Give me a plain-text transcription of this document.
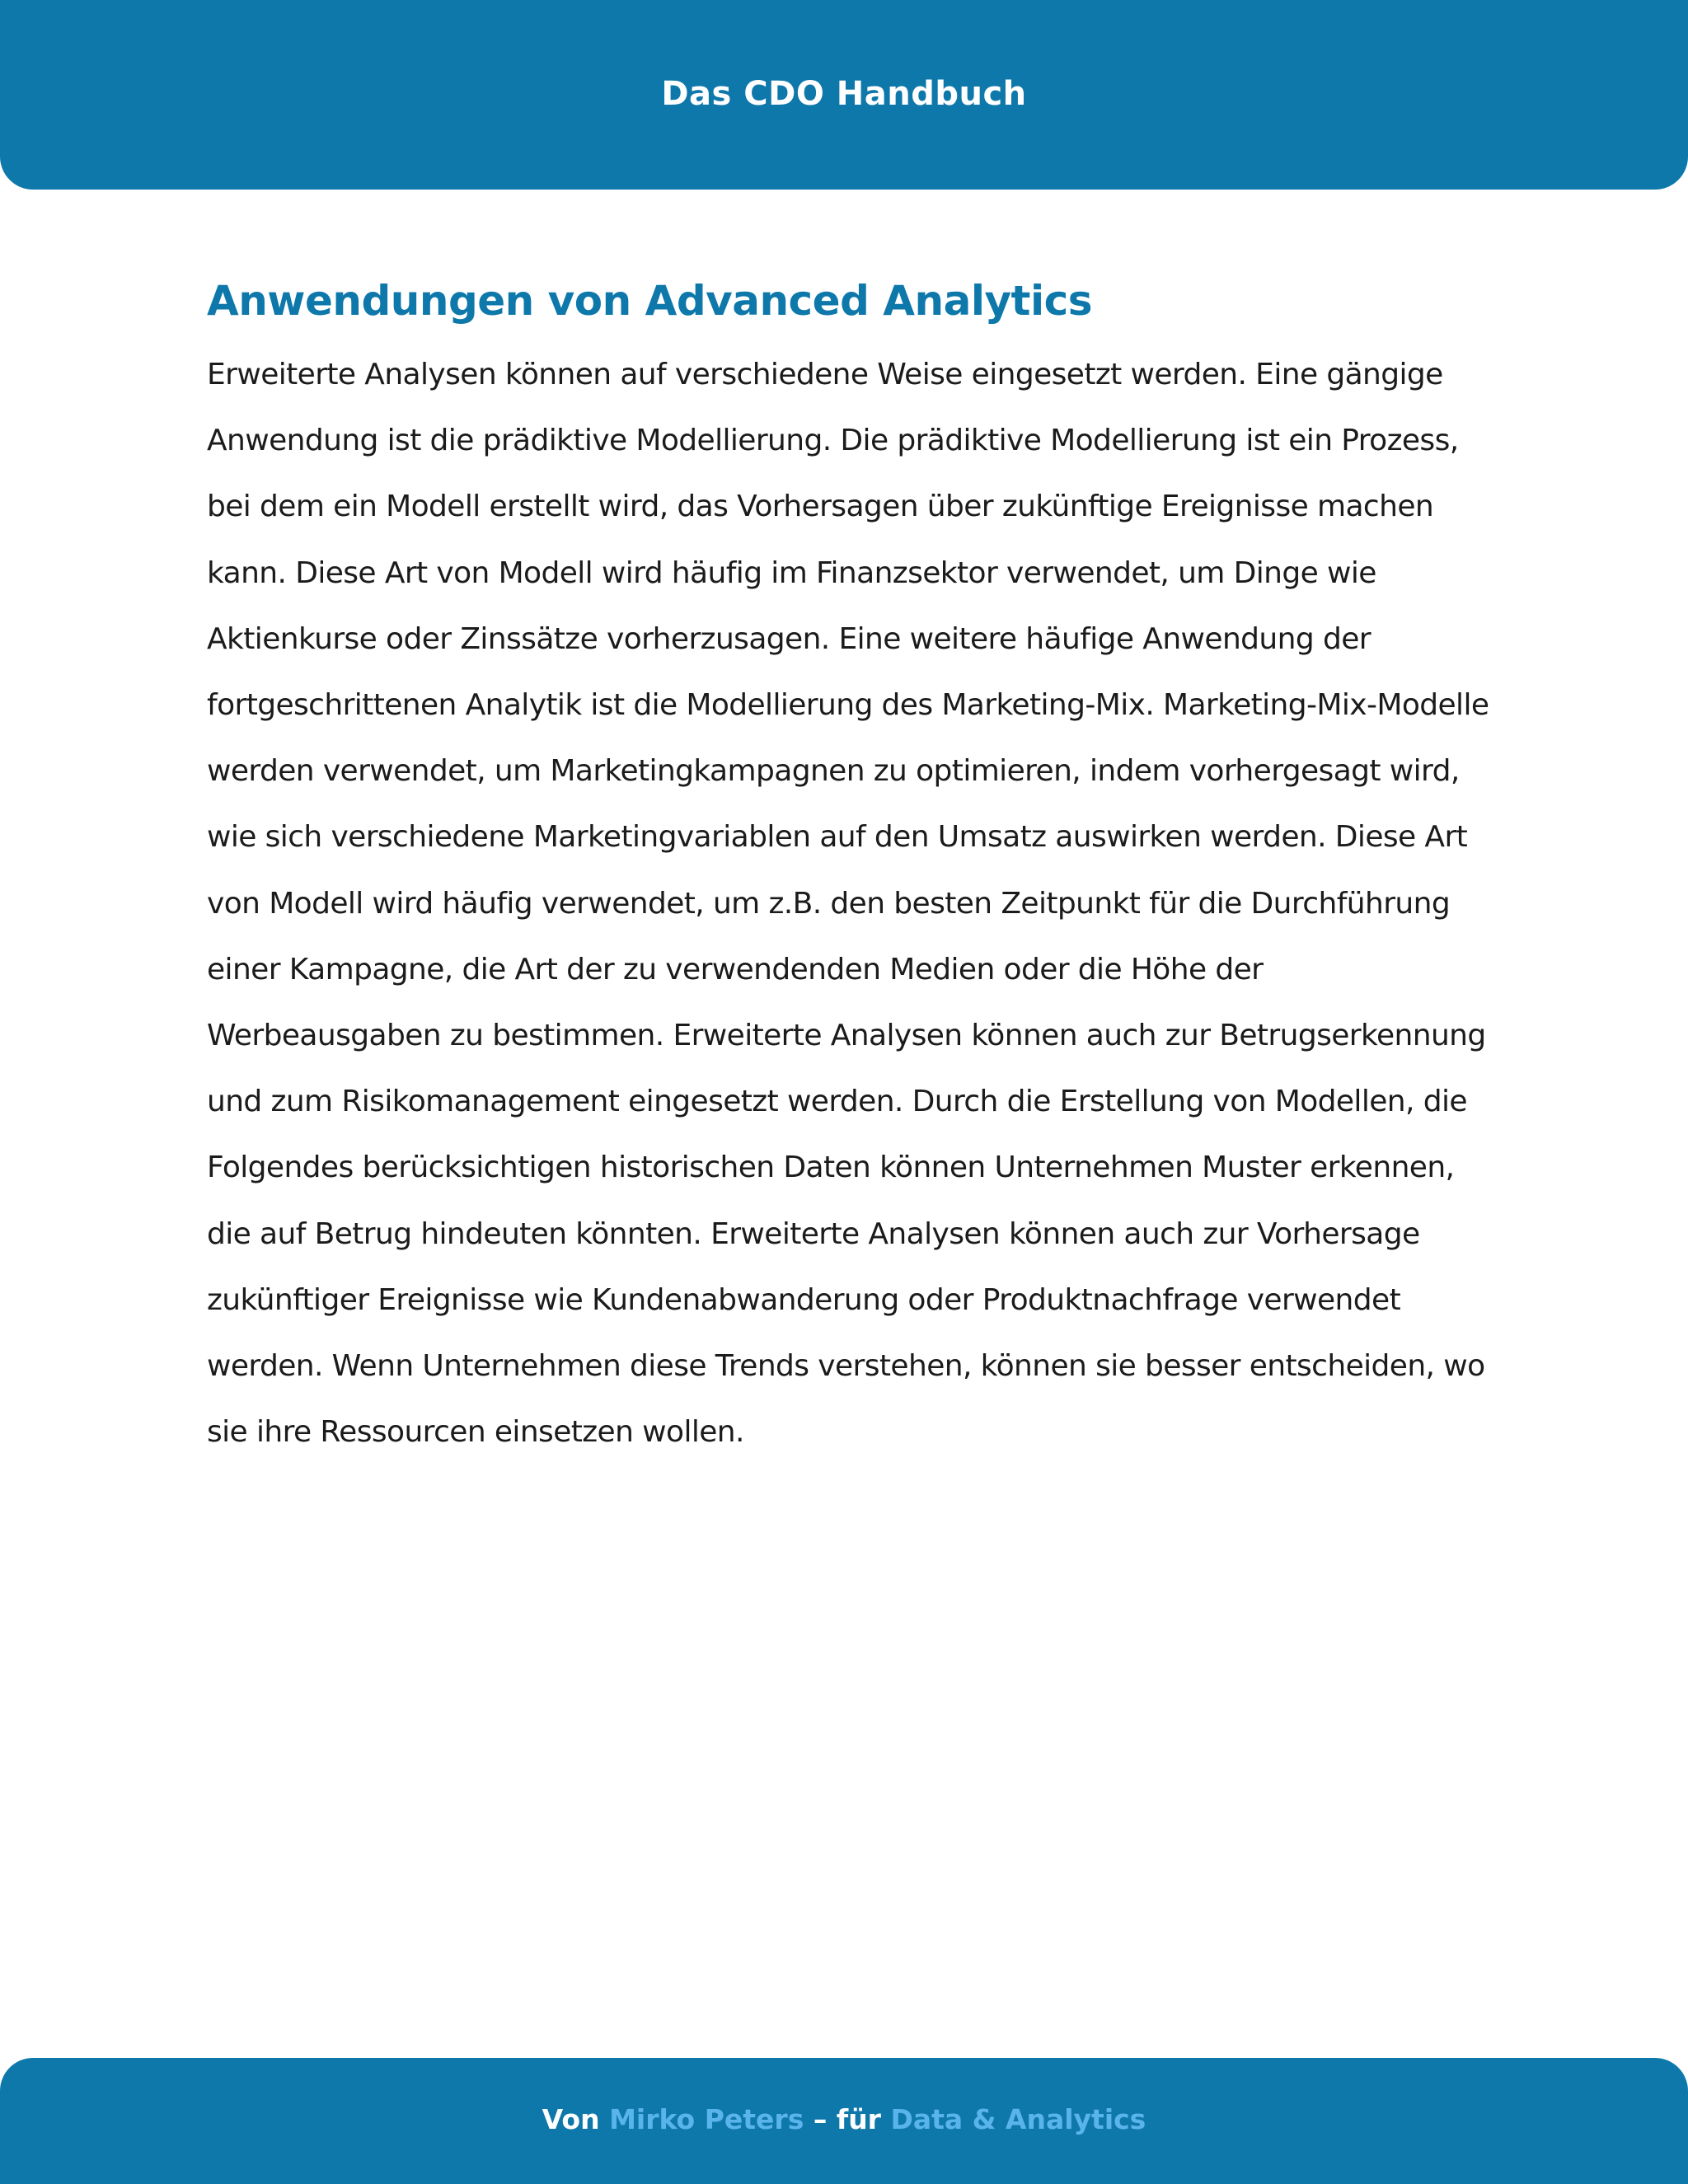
Das CDO Handbuch
Anwendungen von Advanced Analytics

Erweiterte Analysen können auf verschiedene Weise eingesetzt werden. Eine gängige Anwendung ist die prädiktive Modellierung. Die prädiktive Modellierung ist ein Prozess, bei dem ein Modell erstellt wird, das Vorhersagen über zukünftige Ereignisse machen kann. Diese Art von Modell wird häufig im Finanzsektor verwendet, um Dinge wie Aktienkurse oder Zinssätze vorherzusagen. Eine weitere häufige Anwendung der fortgeschrittenen Analytik ist die Modellierung des Marketing-Mix. Marketing-Mix-Modelle werden verwendet, um Marketingkampagnen zu optimieren, indem vorhergesagt wird, wie sich verschiedene Marketingvariablen auf den Umsatz auswirken werden. Diese Art von Modell wird häufig verwendet, um z.B. den besten Zeitpunkt für die Durchführung einer Kampagne, die Art der zu verwendenden Medien oder die Höhe der Werbeausgaben zu bestimmen. Erweiterte Analysen können auch zur Betrugserkennung und zum Risikomanagement eingesetzt werden. Durch die Erstellung von Modellen, die Folgendes berücksichtigen historischen Daten können Unternehmen Muster erkennen, die auf Betrug hindeuten könnten. Erweiterte Analysen können auch zur Vorhersage zukünftiger Ereignisse wie Kundenabwanderung oder Produktnachfrage verwendet werden. Wenn Unternehmen diese Trends verstehen, können sie besser entscheiden, wo sie ihre Ressourcen einsetzen wollen.

Von Mirko Peters – für Data & Analytics
